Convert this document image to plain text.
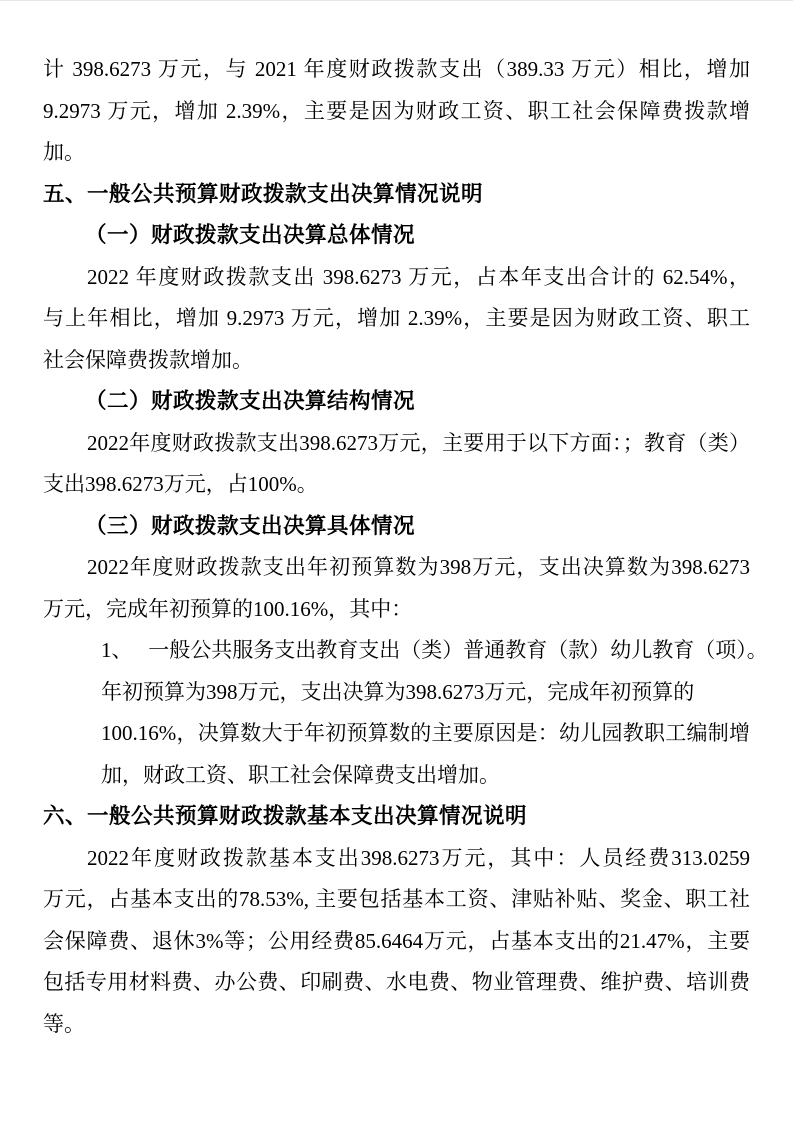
计 398.6273 万元，与 2021 年度财政拨款支出（389.33 万元）相比，增加
9.2973 万元，增加 2.39%，主要是因为财政工资、职工社会保障费拨款增
加。
五、一般公共预算财政拨款支出决算情况说明
（一）财政拨款支出决算总体情况
2022 年度财政拨款支出 398.6273 万元，占本年支出合计的 62.54%，
与上年相比，增加 9.2973 万元，增加 2.39%，主要是因为财政工资、职工
社会保障费拨款增加。
（二）财政拨款支出决算结构情况
2022年度财政拨款支出398.6273万元，主要用于以下方面：；教育（类）
支出398.6273万元，占100%。
（三）财政拨款支出决算具体情况
2022年度财政拨款支出年初预算数为398万元，支出决算数为398.6273
万元，完成年初预算的100.16%，其中：
1、   一般公共服务支出教育支出（类）普通教育（款）幼儿教育（项）。
年初预算为398万元，支出决算为398.6273万元，完成年初预算的
100.16%，决算数大于年初预算数的主要原因是：幼儿园教职工编制增
加，财政工资、职工社会保障费支出增加。
六、一般公共预算财政拨款基本支出决算情况说明
2022年度财政拨款基本支出398.6273万元，其中：人员经费313.0259
万元，占基本支出的78.53%, 主要包括基本工资、津贴补贴、奖金、职工社
会保障费、退休3%等；公用经费85.6464万元，占基本支出的21.47%，主要
包括专用材料费、办公费、印刷费、水电费、物业管理费、维护费、培训费
等。
